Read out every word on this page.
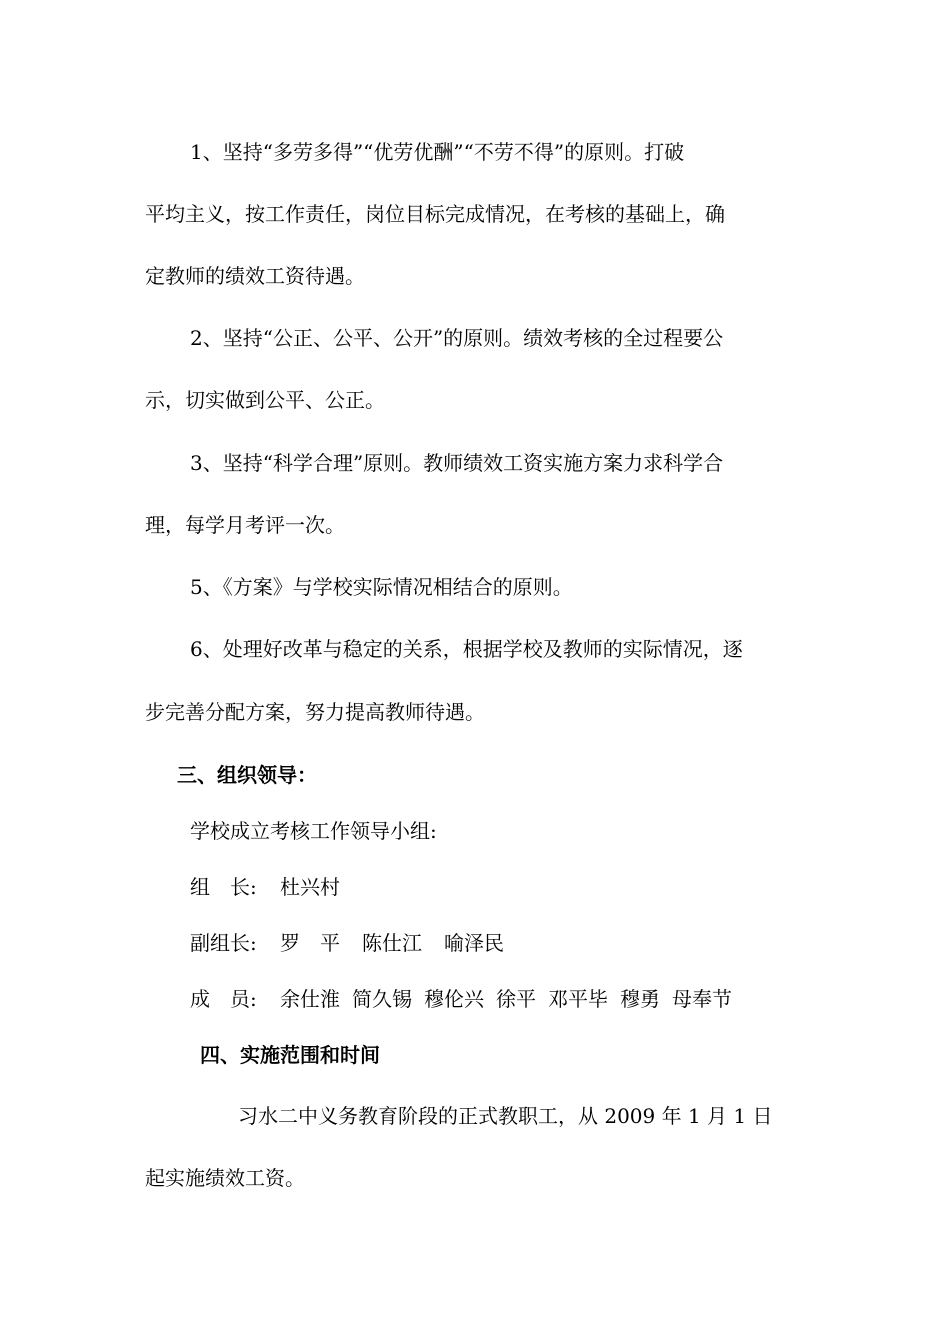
1、坚持“多劳多得”“优劳优酬”“不劳不得”的原则。打破
平均主义，按工作责任，岗位目标完成情况，在考核的基础上，确
定教师的绩效工资待遇。
2、坚持“公正、公平、公开”的原则。绩效考核的全过程要公
示，切实做到公平、公正。
3、坚持“科学合理”原则。教师绩效工资实施方案力求科学合
理，每学月考评一次。
5、《方案》与学校实际情况相结合的原则。
6、处理好改革与稳定的关系，根据学校及教师的实际情况，逐
步完善分配方案，努力提高教师待遇。
三、组织领导：
学校成立考核工作领导小组:
组　长: 杜兴村
副组长: 罗　平 陈仕江 喻泽民
成　员: 余仕淮 简久锡 穆伦兴 徐平 邓平毕 穆勇 母奉节
四、实施范围和时间
习水二中义务教育阶段的正式教职工，从 2009 年 1 月 1 日
起实施绩效工资。
